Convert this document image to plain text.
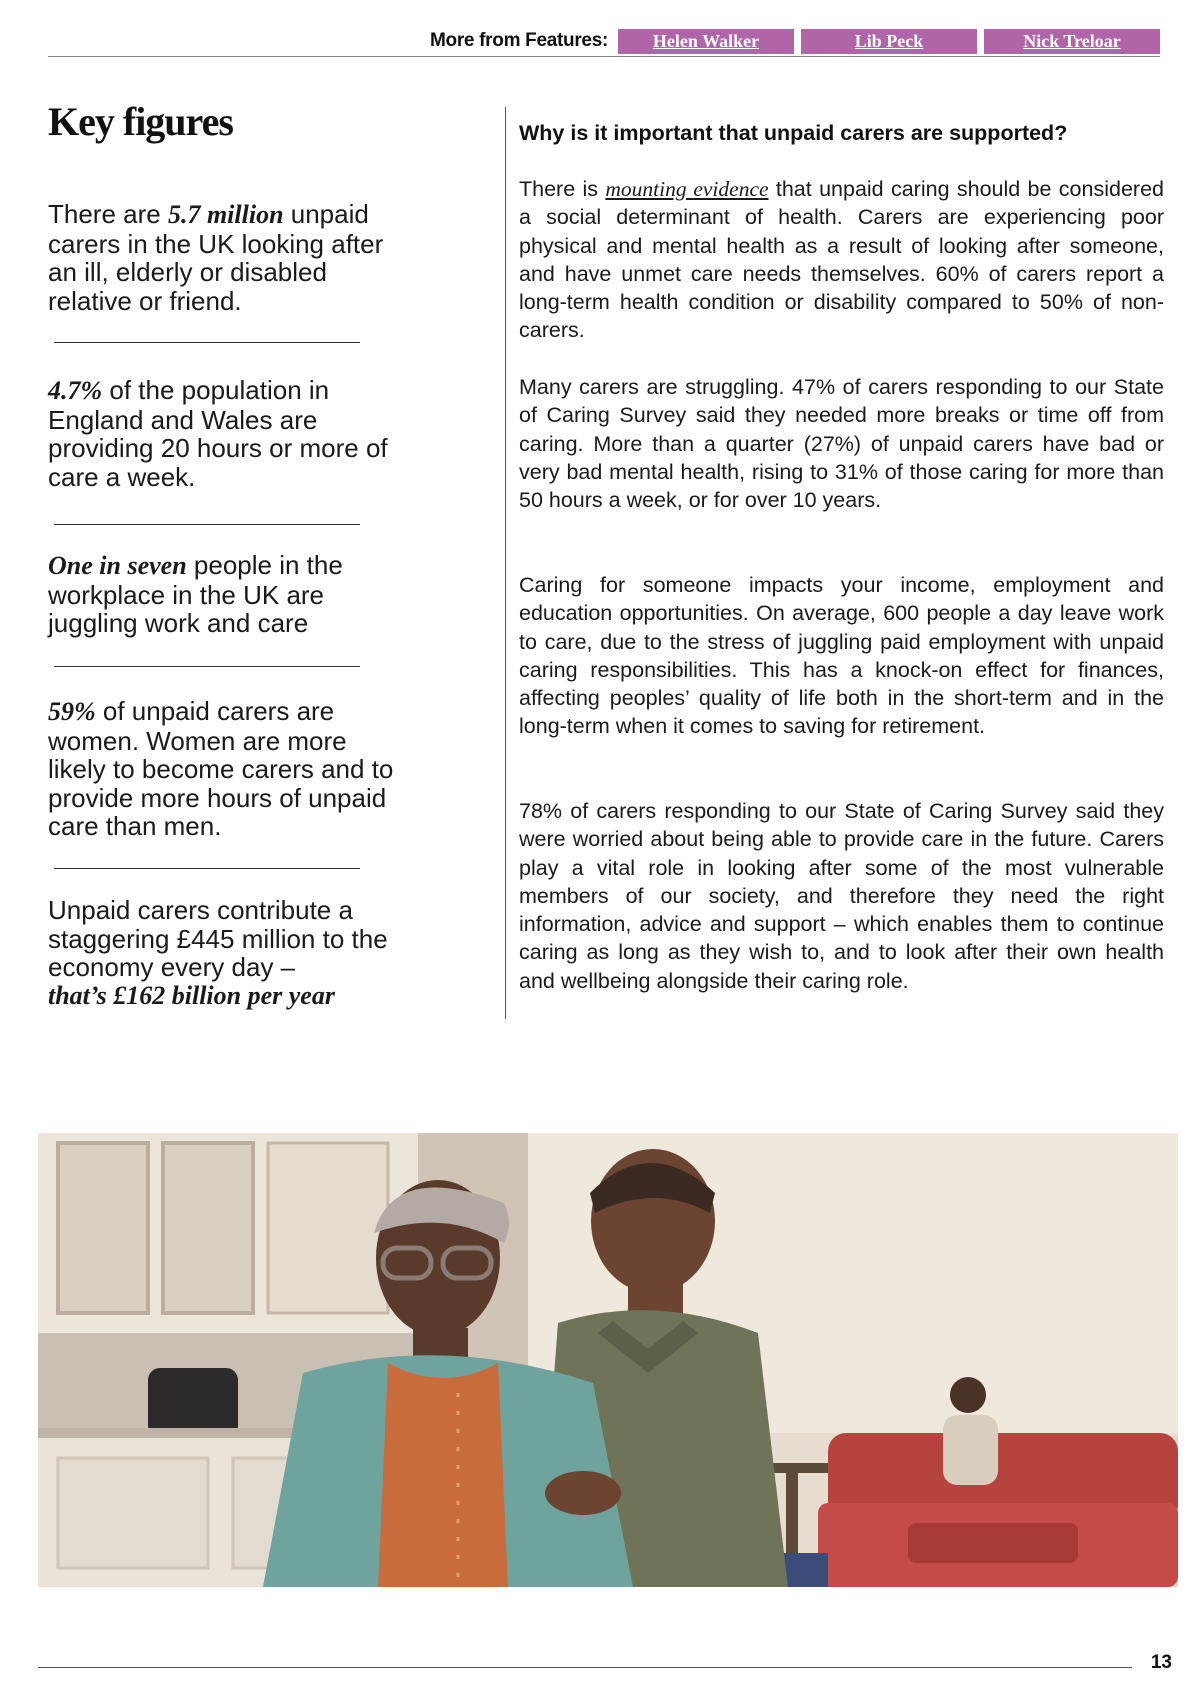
More from Features:	Helen Walker	Lib Peck	Nick Treloar
Key figures

There are 5.7 million unpaid carers in the UK looking after an ill, elderly or disabled relative or friend.

4.7% of the population in England and Wales are providing 20 hours or more of care a week.

One in seven people in the workplace in the UK are juggling work and care

59% of unpaid carers are women. Women are more likely to become carers and to provide more hours of unpaid care than men.

Unpaid carers contribute a staggering £445 million to the economy every day –
that’s £162 billion per year

Why is it important that unpaid carers are supported?

There is mounting evidence that unpaid caring should be considered a social determinant of health. Carers are experiencing poor physical and mental health as a result of looking after someone, and have unmet care needs themselves. 60% of carers report a long-term health condition or disability compared to 50% of non-carers.

Many carers are struggling. 47% of carers responding to our State of Caring Survey said they needed more breaks or time off from caring. More than a quarter (27%) of unpaid carers have bad or very bad mental health, rising to 31% of those caring for more than 50 hours a week, or for over 10 years.

Caring for someone impacts your income, employment and education opportunities. On average, 600 people a day leave work to care, due to the stress of juggling paid employment with unpaid caring responsibilities. This has a knock-on effect for finances, affecting peoples’ quality of life both in the short-term and in the long-term when it comes to saving for retirement.

78% of carers responding to our State of Caring Survey said they were worried about being able to provide care in the future. Carers play a vital role in looking after some of the most vulnerable members of our society, and therefore they need the right information, advice and support – which enables them to continue caring as long as they wish to, and to look after their own health and wellbeing alongside their caring role.

13
